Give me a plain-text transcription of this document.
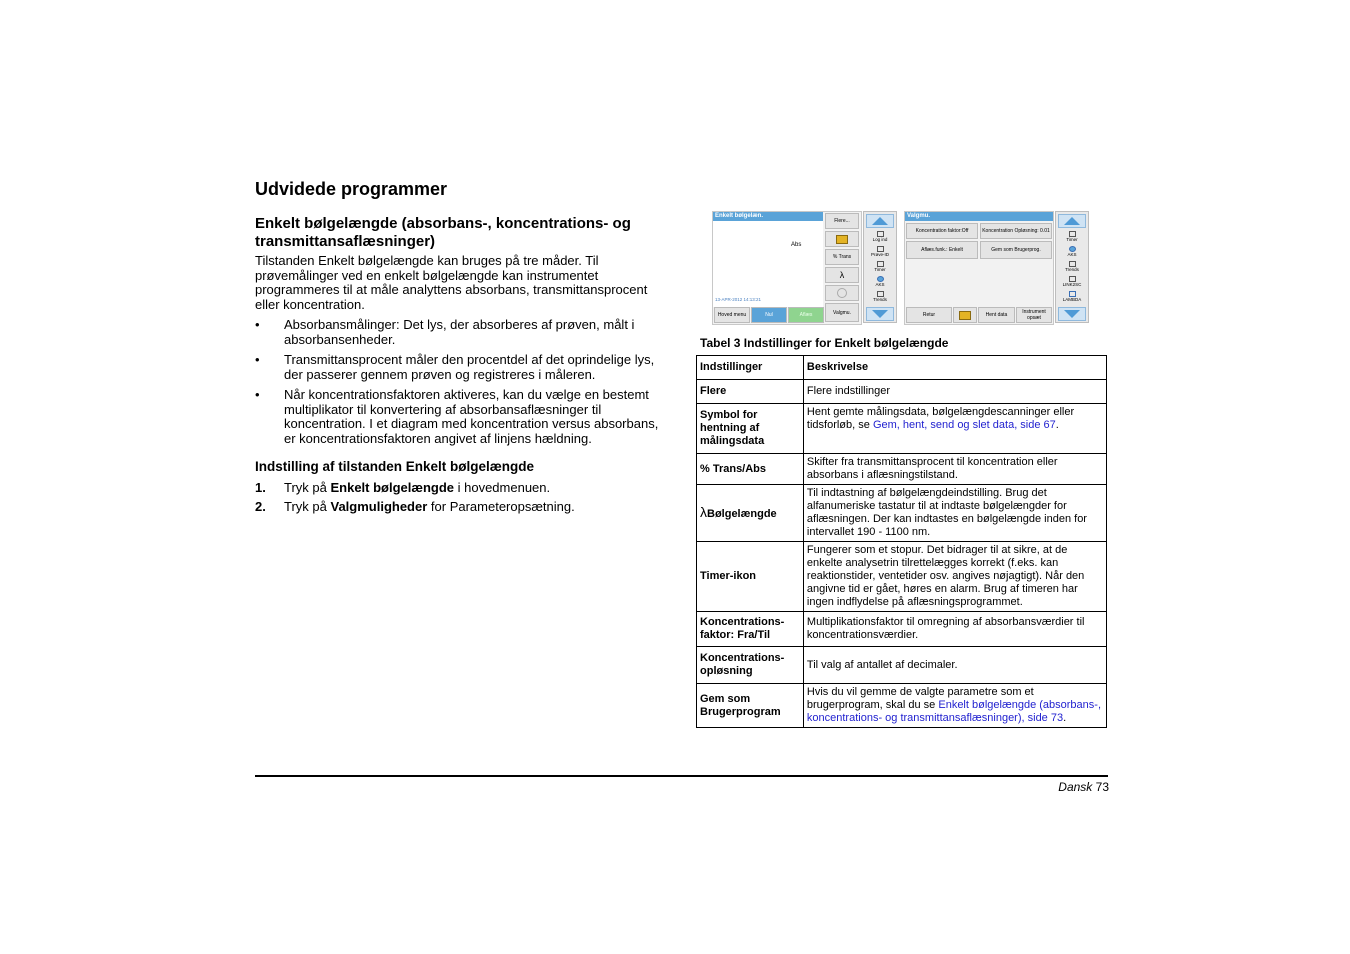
Udvidede programmer
Enkelt bølgelængde (absorbans-, koncentrations- og transmittansaflæsninger)

Tilstanden Enkelt bølgelængde kan bruges på tre måder. Til prøvemålinger ved en enkelt bølgelængde kan instrumentet programmeres til at måle analyttens absorbans, transmittansprocent eller koncentration.

• Absorbansmålinger: Det lys, der absorberes af prøven, målt i absorbansenheder.
• Transmittansprocent måler den procentdel af det oprindelige lys, der passerer gennem prøven og registreres i måleren.
• Når koncentrationsfaktoren aktiveres, kan du vælge en bestemt multiplikator til konvertering af absorbansaflæsninger til koncentration. I et diagram med koncentration versus absorbans, er koncentrationsfaktoren angivet af linjens hældning.
Indstilling af tilstanden Enkelt bølgelængde
1. Tryk på Enkelt bølgelængde i hovedmenuen.
2. Tryk på Valgmuligheder for Parameteropsætning.
Enkelt bølgelæn.
Abs
13-APR-2012 14:13:21
Flere...
% Trans
λ
Valgmu.
Hoved menu	Nul	Aflæs
Log ind
Prøve-ID
Timer
AKS
Trends
Valgmu.
Koncentration faktor:Off	Koncentration Opløsning: 0.01
Aflæs.funk.: Enkelt	Gem som Brugerprog.
Retur	Hent data	Instrument opsæt
Timer
AKS
Trends
LINK2SC
LAMBDA
Tabel 3 Indstillinger for Enkelt bølgelængde
Indstillinger	Beskrivelse
Flere	Flere indstillinger
Symbol for hentning af målingsdata	Hent gemte målingsdata, bølgelængdescanninger eller tidsforløb, se Gem, hent, send og slet data, side 67.
% Trans/Abs	Skifter fra transmittansprocent til koncentration eller absorbans i aflæsningstilstand.
λBølgelængde	Til indtastning af bølgelængdeindstilling. Brug det alfanumeriske tastatur til at indtaste bølgelængder for aflæsningen. Der kan indtastes en bølgelængde inden for intervallet 190 - 1100 nm.
Timer-ikon	Fungerer som et stopur. Det bidrager til at sikre, at de enkelte analysetrin tilrettelægges korrekt (f.eks. kan reaktionstider, ventetider osv. angives nøjagtigt). Når den angivne tid er gået, høres en alarm. Brug af timeren har ingen indflydelse på aflæsningsprogrammet.
Koncentrations-faktor: Fra/Til	Multiplikationsfaktor til omregning af absorbansværdier til koncentrationsværdier.
Koncentrations-opløsning	Til valg af antallet af decimaler.
Gem som Brugerprogram	Hvis du vil gemme de valgte parametre som et brugerprogram, skal du se Enkelt bølgelængde (absorbans-, koncentrations- og transmittansaflæsninger), side 73.
Dansk 73
